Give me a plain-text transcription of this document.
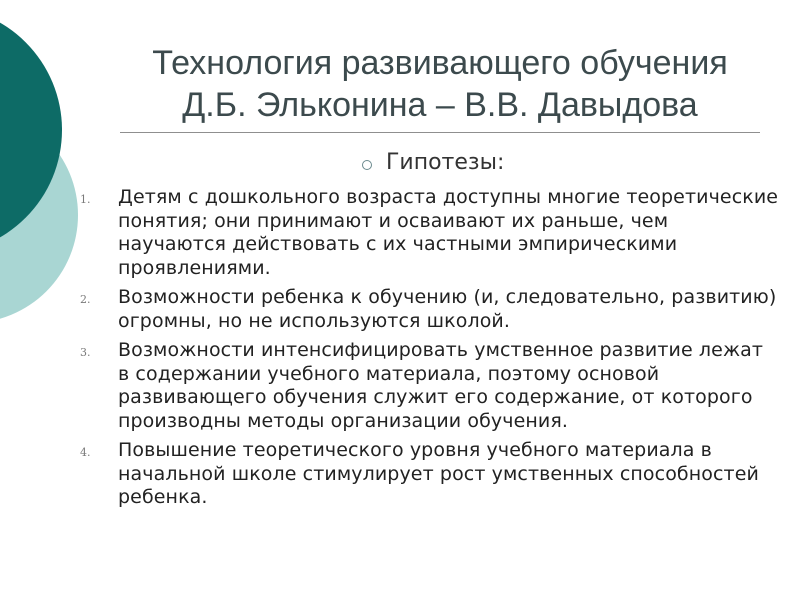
Технология развивающего обучения
Д.Б. Эльконина – В.В. Давыдова
Гипотезы:
1.	Детям с дошкольного возраста доступны многие теоретические понятия; они принимают и осваивают их раньше, чем научаются действовать с их частными эмпирическими проявлениями.
2.	Возможности ребенка к обучению (и, следовательно, развитию) огромны, но не используются школой.
3.	Возможности интенсифицировать умственное развитие лежат в содержании учебного материала, поэтому основой развивающего обучения служит его содержание, от которого производны методы организации обучения.
4.	Повышение теоретического уровня учебного материала в начальной школе стимулирует рост умственных способностей ребенка.
